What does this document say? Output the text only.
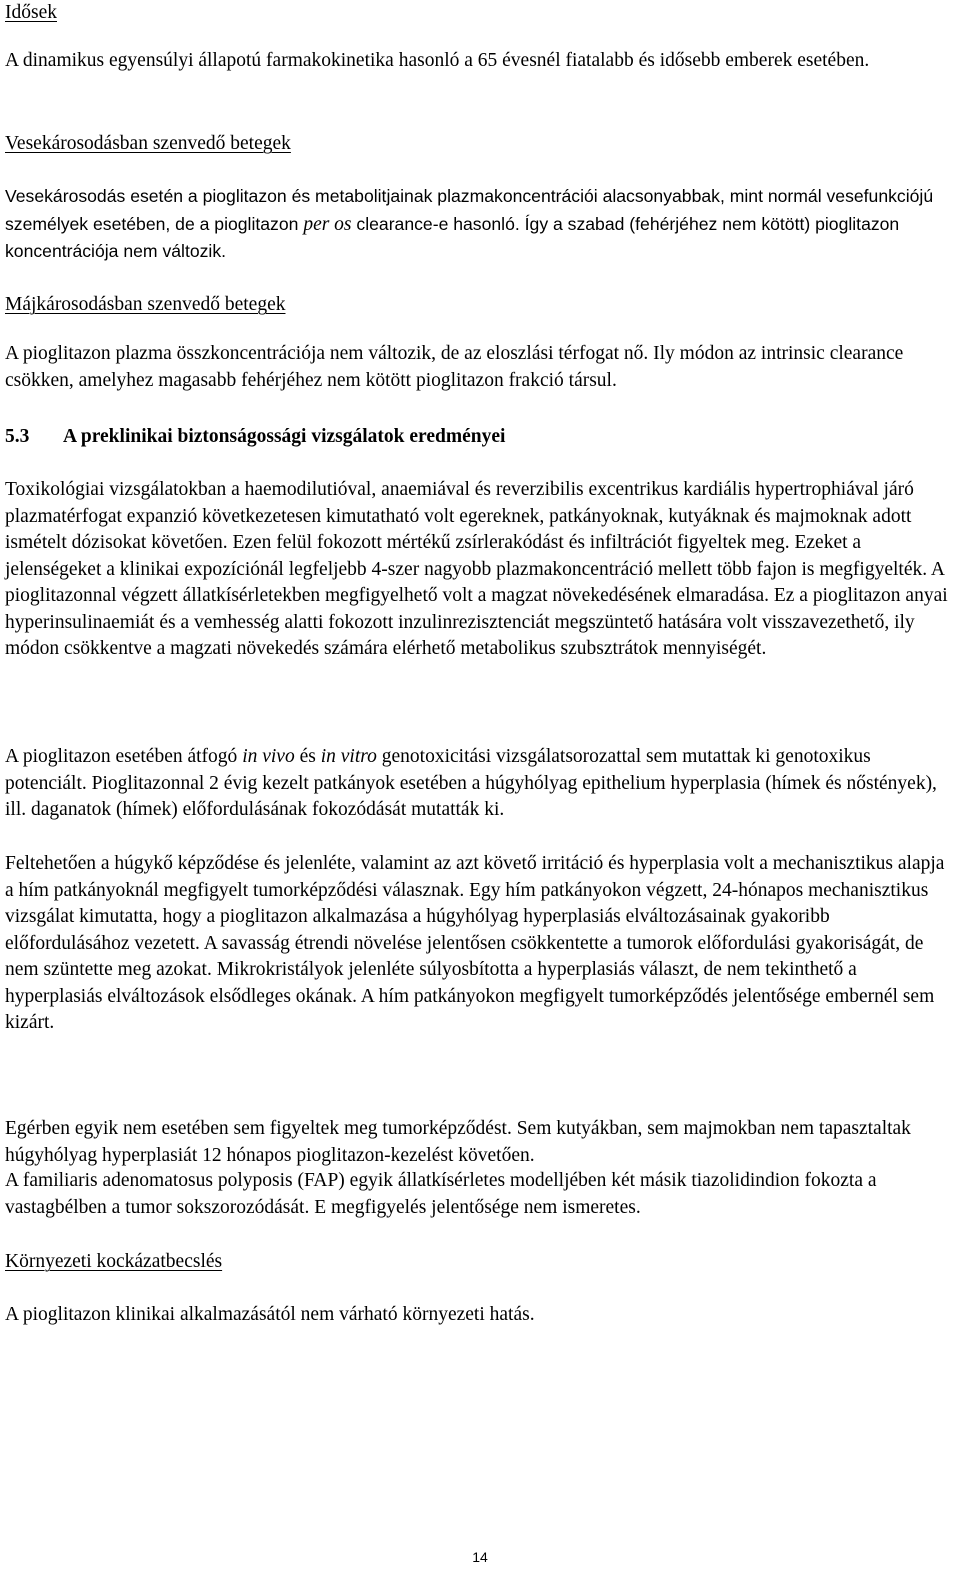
Idősek

A dinamikus egyensúlyi állapotú farmakokinetika hasonló a 65 évesnél fiatalabb és idősebb emberek esetében.

Vesekárosodásban szenvedő betegek

Vesekárosodás esetén a pioglitazon és metabolitjainak plazmakoncentrációi alacsonyabbak, mint normál vesefunkciójú személyek esetében, de a pioglitazon per os clearance-e hasonló. Így a szabad (fehérjéhez nem kötött) pioglitazon koncentrációja nem változik.

Májkárosodásban szenvedő betegek

A pioglitazon plazma összkoncentrációja nem változik, de az eloszlási térfogat nő. Ily módon az intrinsic clearance csökken, amelyhez magasabb fehérjéhez nem kötött pioglitazon frakció társul.

5.3	A preklinikai biztonságossági vizsgálatok eredményei

Toxikológiai vizsgálatokban a haemodilutióval, anaemiával és reverzibilis excentrikus kardiális hypertrophiával járó plazmatérfogat expanzió következetesen kimutatható volt egereknek, patkányoknak, kutyáknak és majmoknak adott ismételt dózisokat követően. Ezen felül fokozott mértékű zsírlerakódást és infiltrációt figyeltek meg. Ezeket a jelenségeket a klinikai expozíciónál legfeljebb 4-szer nagyobb plazmakoncentráció mellett több fajon is megfigyelték. A pioglitazonnal végzett állatkísérletekben megfigyelhető volt a magzat növekedésének elmaradása. Ez a pioglitazon anyai hyperinsulinaemiát és a vemhesség alatti fokozott inzulinrezisztenciát megszüntető hatására volt visszavezethető, ily módon csökkentve a magzati növekedés számára elérhető metabolikus szubsztrátok mennyiségét.

A pioglitazon esetében átfogó in vivo és in vitro genotoxicitási vizsgálatsorozattal sem mutattak ki genotoxikus potenciált. Pioglitazonnal 2 évig kezelt patkányok esetében a húgyhólyag epithelium hyperplasia (hímek és nőstények), ill. daganatok (hímek) előfordulásának fokozódását mutatták ki.

Feltehetően a húgykő képződése és jelenléte, valamint az azt követő irritáció és hyperplasia volt a mechanisztikus alapja a hím patkányoknál megfigyelt tumorképződési válasznak. Egy hím patkányokon végzett, 24-hónapos mechanisztikus vizsgálat kimutatta, hogy a pioglitazon alkalmazása a húgyhólyag hyperplasiás elváltozásainak gyakoribb előfordulásához vezetett. A savasság étrendi növelése jelentősen csökkentette a tumorok előfordulási gyakoriságát, de nem szüntette meg azokat. Mikrokristályok jelenléte súlyosbította a hyperplasiás választ, de nem tekinthető a hyperplasiás elváltozások elsődleges okának. A hím patkányokon megfigyelt tumorképződés jelentősége embernél sem kizárt.

Egérben egyik nem esetében sem figyeltek meg tumorképződést. Sem kutyákban, sem majmokban nem tapasztaltak húgyhólyag hyperplasiát 12 hónapos pioglitazon-kezelést követően.

A familiaris adenomatosus polyposis (FAP) egyik állatkísérletes modelljében két másik tiazolidindion fokozta a vastagbélben a tumor sokszorozódását. E megfigyelés jelentősége nem ismeretes.

Környezeti kockázatbecslés

A pioglitazon klinikai alkalmazásától nem várható környezeti hatás.

14
